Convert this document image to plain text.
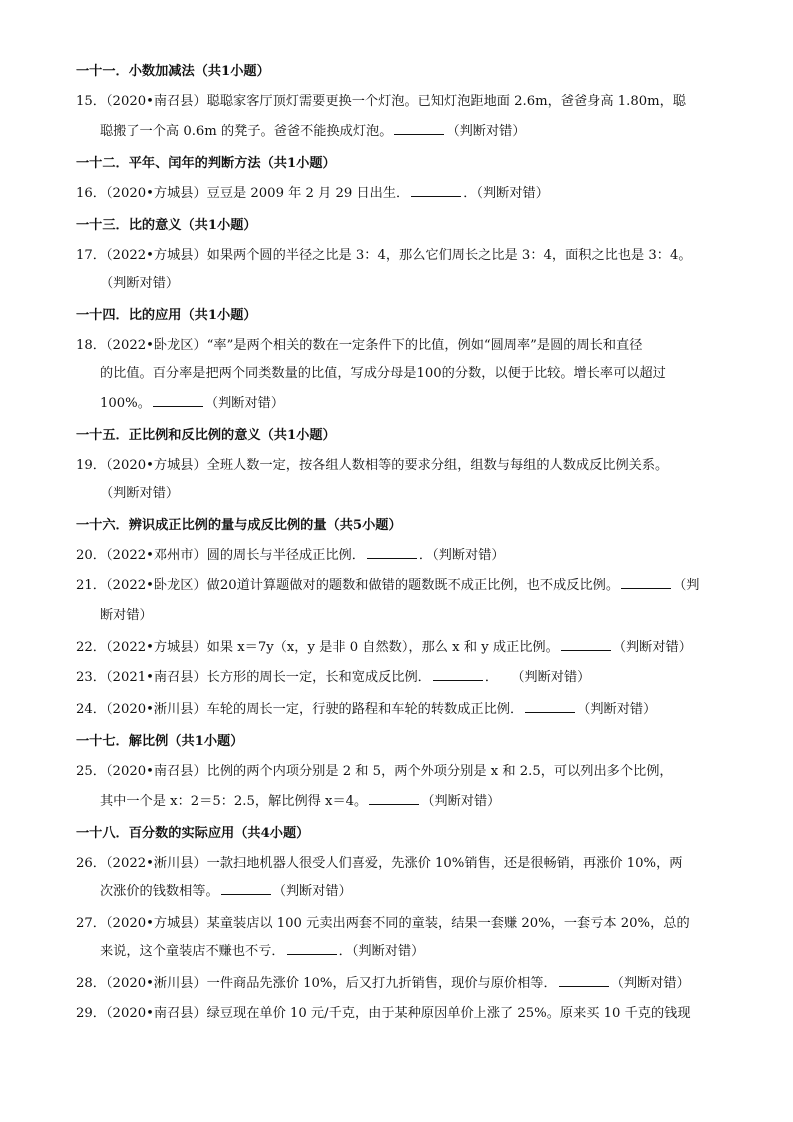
一十一．小数加减法（共1小题）
15．（2020•南召县）聪聪家客厅顶灯需要更换一个灯泡。已知灯泡距地面 2.6m，爸爸身高 1.80m，聪
聪搬了一个高 0.6m 的凳子。爸爸不能换成灯泡。	（判断对错）
一十二．平年、闰年的判断方法（共1小题）
16．（2020•方城县）豆豆是 2009 年 2 月 29 日出生．	．（判断对错）
一十三．比的意义（共1小题）
17．（2022•方城县）如果两个圆的半径之比是 3：4，那么它们周长之比是 3：4，面积之比也是 3：4。
（判断对错）
一十四．比的应用（共1小题）
18．（2022•卧龙区）“率”是两个相关的数在一定条件下的比值，例如“圆周率”是圆的周长和直径
的比值。百分率是把两个同类数量的比值，写成分母是100的分数，以便于比较。增长率可以超过
100%。	（判断对错）
一十五．正比例和反比例的意义（共1小题）
19．（2020•方城县）全班人数一定，按各组人数相等的要求分组，组数与每组的人数成反比例关系。
（判断对错）
一十六．辨识成正比例的量与成反比例的量（共5小题）
20．（2022•邓州市）圆的周长与半径成正比例．	．（判断对错）
21．（2022•卧龙区）做20道计算题做对的题数和做错的题数既不成正比例，也不成反比例。	（判
断对错）
22．（2022•方城县）如果 x＝7y（x，y 是非 0 自然数），那么 x 和 y 成正比例。	（判断对错）
23．（2021•南召县）长方形的周长一定，长和宽成反比例．	．　　（判断对错）
24．（2020•淅川县）车轮的周长一定，行驶的路程和车轮的转数成正比例．	（判断对错）
一十七．解比例（共1小题）
25．（2020•南召县）比例的两个内项分别是 2 和 5，两个外项分别是 x 和 2.5，可以列出多个比例，
其中一个是 x：2＝5：2.5，解比例得 x＝4。	（判断对错）
一十八．百分数的实际应用（共4小题）
26．（2022•淅川县）一款扫地机器人很受人们喜爱，先涨价 10%销售，还是很畅销，再涨价 10%，两
次涨价的钱数相等。	（判断对错）
27．（2020•方城县）某童装店以 100 元卖出两套不同的童装，结果一套赚 20%，一套亏本 20%，总的
来说，这个童装店不赚也不亏．	．（判断对错）
28．（2020•淅川县）一件商品先涨价 10%，后又打九折销售，现价与原价相等．	（判断对错）
29．（2020•南召县）绿豆现在单价 10 元/千克，由于某种原因单价上涨了 25%。原来买 10 千克的钱现
